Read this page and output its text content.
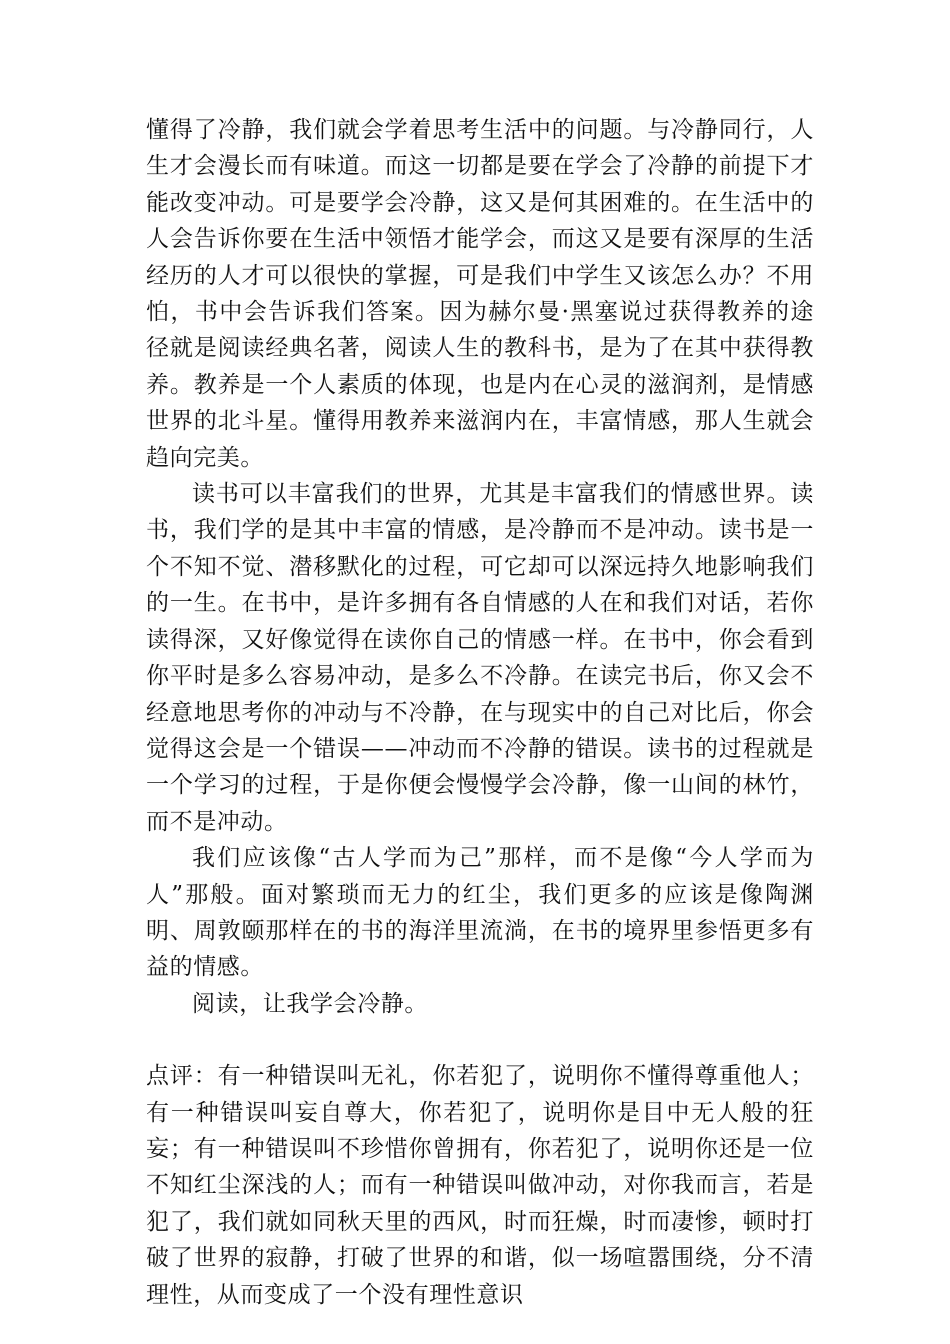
懂得了冷静，我们就会学着思考生活中的问题。与冷静同行，人生才会漫长而有味道。而这一切都是要在学会了冷静的前提下才能改变冲动。可是要学会冷静，这又是何其困难的。在生活中的人会告诉你要在生活中领悟才能学会，而这又是要有深厚的生活经历的人才可以很快的掌握，可是我们中学生又该怎么办？不用怕，书中会告诉我们答案。因为赫尔曼·黑塞说过获得教养的途径就是阅读经典名著，阅读人生的教科书，是为了在其中获得教养。教养是一个人素质的体现，也是内在心灵的滋润剂，是情感世界的北斗星。懂得用教养来滋润内在，丰富情感，那人生就会趋向完美。

读书可以丰富我们的世界，尤其是丰富我们的情感世界。读书，我们学的是其中丰富的情感，是冷静而不是冲动。读书是一个不知不觉、潜移默化的过程，可它却可以深远持久地影响我们的一生。在书中，是许多拥有各自情感的人在和我们对话，若你读得深，又好像觉得在读你自己的情感一样。在书中，你会看到你平时是多么容易冲动，是多么不冷静。在读完书后，你又会不经意地思考你的冲动与不冷静，在与现实中的自己对比后，你会觉得这会是一个错误——冲动而不冷静的错误。读书的过程就是一个学习的过程，于是你便会慢慢学会冷静，像一山间的林竹，而不是冲动。

我们应该像“古人学而为己”那样，而不是像“今人学而为人”那般。面对繁琐而无力的红尘，我们更多的应该是像陶渊明、周敦颐那样在的书的海洋里流淌，在书的境界里参悟更多有益的情感。

阅读，让我学会冷静。

点评：有一种错误叫无礼，你若犯了，说明你不懂得尊重他人；有一种错误叫妄自尊大，你若犯了，说明你是目中无人般的狂妄；有一种错误叫不珍惜你曾拥有，你若犯了，说明你还是一位不知红尘深浅的人；而有一种错误叫做冲动，对你我而言，若是犯了，我们就如同秋天里的西风，时而狂燥，时而凄惨，顿时打破了世界的寂静，打破了世界的和谐，似一场喧嚣围绕，分不清理性，从而变成了一个没有理性意识
